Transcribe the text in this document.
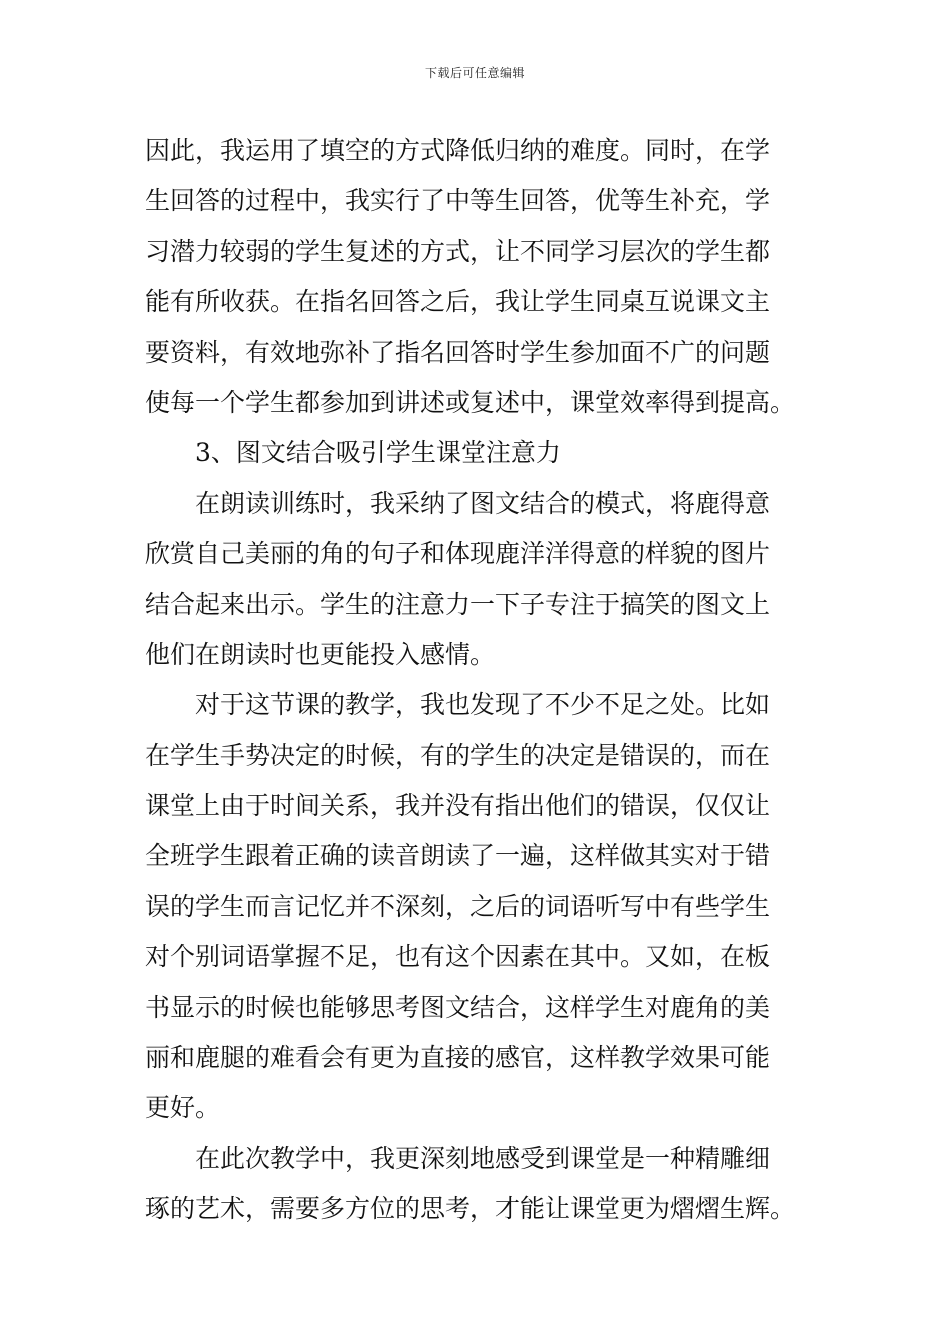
下载后可任意编辑
因此，我运用了填空的方式降低归纳的难度。同时，在学
生回答的过程中，我实行了中等生回答，优等生补充，学
习潜力较弱的学生复述的方式，让不同学习层次的学生都
能有所收获。在指名回答之后，我让学生同桌互说课文主
要资料，有效地弥补了指名回答时学生参加面不广的问题
使每一个学生都参加到讲述或复述中，课堂效率得到提高。
3、图文结合吸引学生课堂注意力
在朗读训练时，我采纳了图文结合的模式，将鹿得意
欣赏自己美丽的角的句子和体现鹿洋洋得意的样貌的图片
结合起来出示。学生的注意力一下子专注于搞笑的图文上
他们在朗读时也更能投入感情。
对于这节课的教学，我也发现了不少不足之处。比如
在学生手势决定的时候，有的学生的决定是错误的，而在
课堂上由于时间关系，我并没有指出他们的错误，仅仅让
全班学生跟着正确的读音朗读了一遍，这样做其实对于错
误的学生而言记忆并不深刻，之后的词语听写中有些学生
对个别词语掌握不足，也有这个因素在其中。又如，在板
书显示的时候也能够思考图文结合，这样学生对鹿角的美
丽和鹿腿的难看会有更为直接的感官，这样教学效果可能
更好。
在此次教学中，我更深刻地感受到课堂是一种精雕细
琢的艺术，需要多方位的思考，才能让课堂更为熠熠生辉。
